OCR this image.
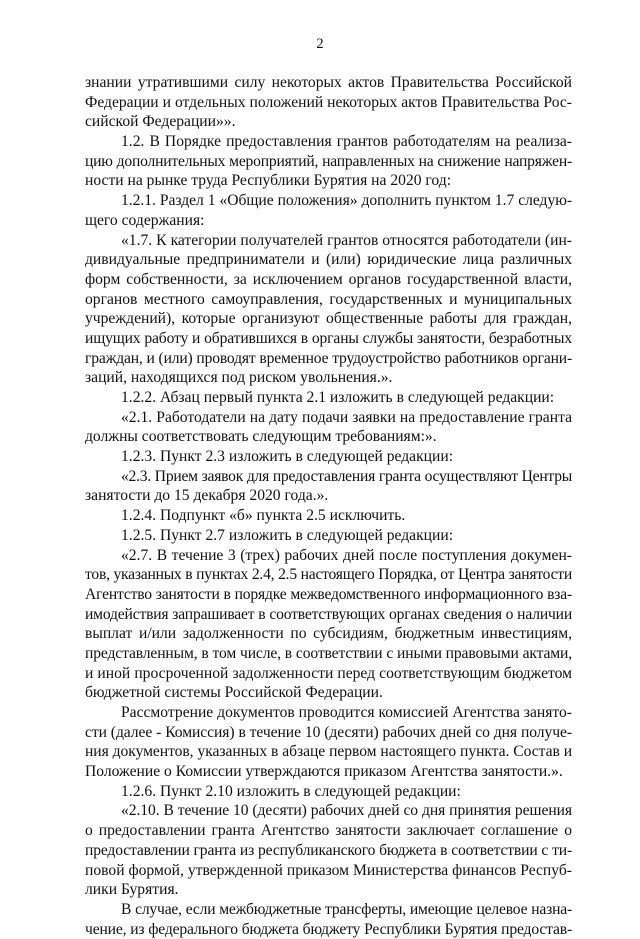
2
знании утратившими силу некоторых актов Правительства Российской
Федерации и отдельных положений некоторых актов Правительства Рос-
сийской Федерации»».
1.2. В Порядке предоставления грантов работодателям на реализа-
цию дополнительных мероприятий, направленных на снижение напряжен-
ности на рынке труда Республики Бурятия на 2020 год:
1.2.1. Раздел 1 «Общие положения» дополнить пунктом 1.7 следую-
щего содержания:
«1.7. К категории получателей грантов относятся работодатели (ин-
дивидуальные предприниматели и (или) юридические лица различных
форм собственности, за исключением органов государственной власти,
органов местного самоуправления, государственных и муниципальных
учреждений), которые организуют общественные работы для граждан,
ищущих работу и обратившихся в органы службы занятости, безработных
граждан, и (или) проводят временное трудоустройство работников органи-
заций, находящихся под риском увольнения.».
1.2.2. Абзац первый пункта 2.1 изложить в следующей редакции:
«2.1. Работодатели на дату подачи заявки на предоставление гранта
должны соответствовать следующим требованиям:».
1.2.3. Пункт 2.3 изложить в следующей редакции:
«2.3. Прием заявок для предоставления гранта осуществляют Центры
занятости до 15 декабря 2020 года.».
1.2.4. Подпункт «б» пункта 2.5 исключить.
1.2.5. Пункт 2.7 изложить в следующей редакции:
«2.7. В течение 3 (трех) рабочих дней после поступления докумен-
тов, указанных в пунктах 2.4, 2.5 настоящего Порядка, от Центра занятости
Агентство занятости в порядке межведомственного информационного вза-
имодействия запрашивает в соответствующих органах сведения о наличии
выплат и/или задолженности по субсидиям, бюджетным инвестициям,
представленным, в том числе, в соответствии с иными правовыми актами,
и иной просроченной задолженности перед соответствующим бюджетом
бюджетной системы Российской Федерации.
Рассмотрение документов проводится комиссией Агентства занято-
сти (далее - Комиссия) в течение 10 (десяти) рабочих дней со дня получе-
ния документов, указанных в абзаце первом настоящего пункта. Состав и
Положение о Комиссии утверждаются приказом Агентства занятости.».
1.2.6. Пункт 2.10 изложить в следующей редакции:
«2.10. В течение 10 (десяти) рабочих дней со дня принятия решения
о предоставлении гранта Агентство занятости заключает соглашение о
предоставлении гранта из республиканского бюджета в соответствии с ти-
повой формой, утвержденной приказом Министерства финансов Респуб-
лики Бурятия.
В случае, если межбюджетные трансферты, имеющие целевое назна-
чение, из федерального бюджета бюджету Республики Бурятия предостав-
